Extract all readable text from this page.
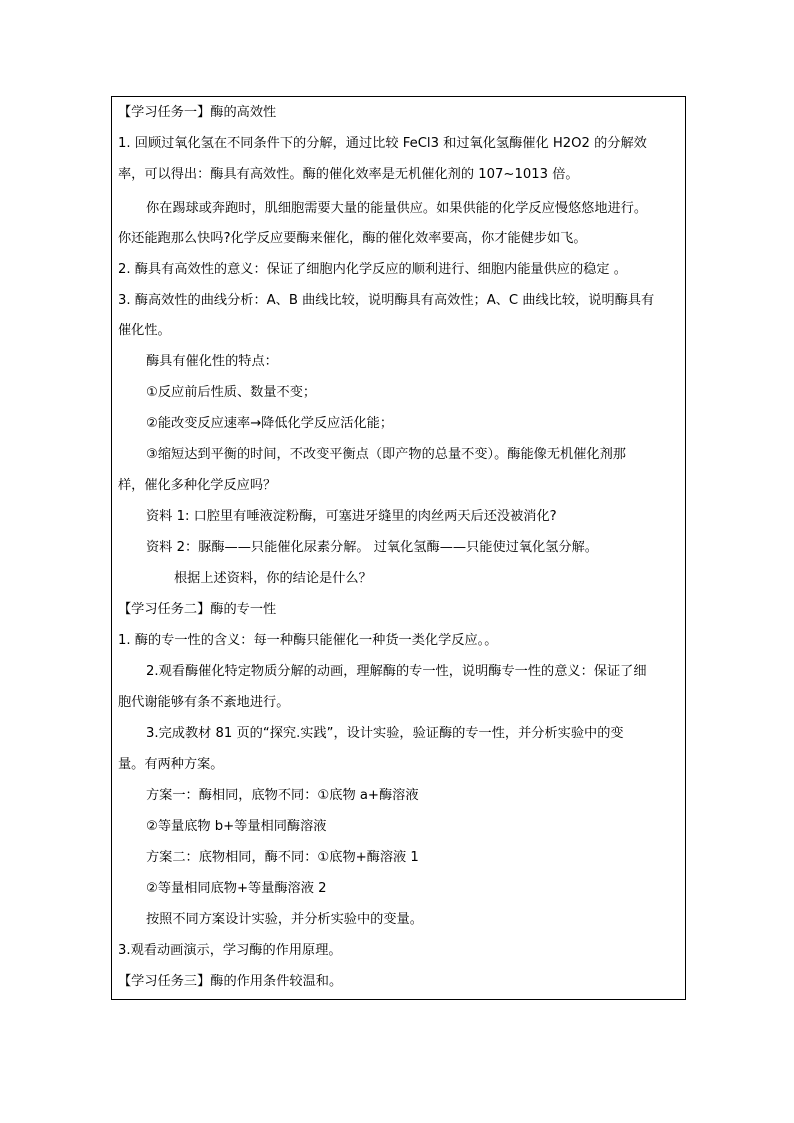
【学习任务一】酶的高效性
1. 回顾过氧化氢在不同条件下的分解，通过比较 FeCl3 和过氧化氢酶催化 H2O2 的分解效
率，可以得出：酶具有高效性。酶的催化效率是无机催化剂的 107~1013 倍。
你在踢球或奔跑时，肌细胞需要大量的能量供应。如果供能的化学反应慢悠悠地进行。
你还能跑那么快吗?化学反应要酶来催化，酶的催化效率要高，你才能健步如飞。
2. 酶具有高效性的意义：保证了细胞内化学反应的顺利进行、细胞内能量供应的稳定 。
3. 酶高效性的曲线分析：A、B 曲线比较，说明酶具有高效性；A、C 曲线比较，说明酶具有
催化性。
酶具有催化性的特点：
①反应前后性质、数量不变；
②能改变反应速率→降低化学反应活化能；
③缩短达到平衡的时间，不改变平衡点（即产物的总量不变）。酶能像无机催化剂那
样，催化多种化学反应吗？
资料 1: 口腔里有唾液淀粉酶，可塞进牙缝里的肉丝两天后还没被消化?
资料 2：脲酶——只能催化尿素分解。 过氧化氢酶——只能使过氧化氢分解。
根据上述资料，你的结论是什么？
【学习任务二】酶的专一性
1. 酶的专一性的含义：每一种酶只能催化一种货一类化学反应。。
2.观看酶催化特定物质分解的动画，理解酶的专一性，说明酶专一性的意义：保证了细
胞代谢能够有条不紊地进行。
3.完成教材 81 页的“探究.实践”，设计实验，验证酶的专一性，并分析实验中的变
量。有两种方案。
方案一：酶相同，底物不同：①底物 a+酶溶液
②等量底物 b+等量相同酶溶液
方案二：底物相同，酶不同：①底物+酶溶液 1
②等量相同底物+等量酶溶液 2
按照不同方案设计实验，并分析实验中的变量。
3.观看动画演示，学习酶的作用原理。
【学习任务三】酶的作用条件较温和。
